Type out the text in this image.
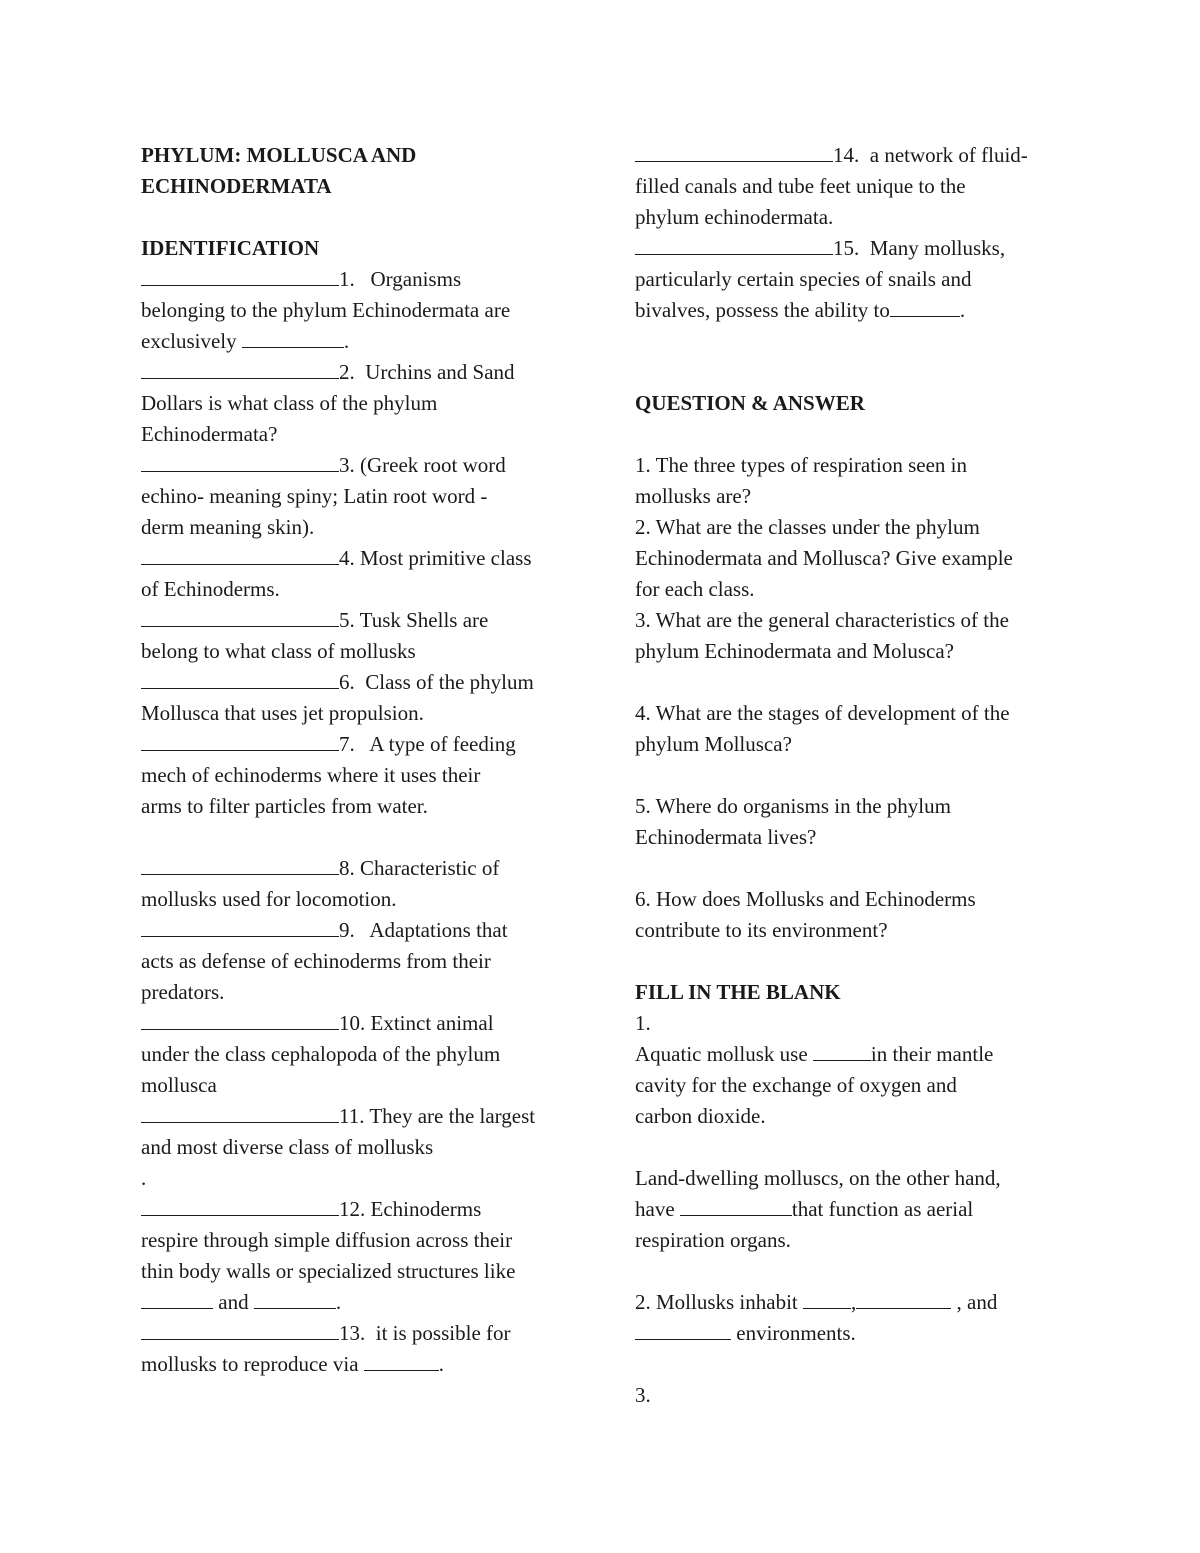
PHYLUM: MOLLUSCA AND
ECHINODERMATA
IDENTIFICATION
1.   Organisms
belonging to the phylum Echinodermata are
exclusively	.
2.  Urchins and Sand
Dollars is what class of the phylum
Echinodermata?
3. (Greek root word
echino- meaning spiny; Latin root word -
derm meaning skin).
4. Most primitive class
of Echinoderms.
5. Tusk Shells are
belong to what class of mollusks
6.  Class of the phylum
Mollusca that uses jet propulsion.
7.   A type of feeding
mech of echinoderms where it uses their
arms to filter particles from water.
8. Characteristic of
mollusks used for locomotion.
9.   Adaptations that
acts as defense of echinoderms from their
predators.
10. Extinct animal
under the class cephalopoda of the phylum
mollusca
11. They are the largest
and most diverse class of mollusks
.
12. Echinoderms
respire through simple diffusion across their
thin body walls or specialized structures like
and	.
13.  it is possible for
mollusks to reproduce via	.
14.  a network of fluid-
filled canals and tube feet unique to the
phylum echinodermata.
15.  Many mollusks,
particularly certain species of snails and
bivalves, possess the ability to	.
QUESTION & ANSWER
1. The three types of respiration seen in
mollusks are?
2. What are the classes under the phylum
Echinodermata and Mollusca? Give example
for each class.
3. What are the general characteristics of the
phylum Echinodermata and Molusca?
4. What are the stages of development of the
phylum Mollusca?
5. Where do organisms in the phylum
Echinodermata lives?
6. How does Mollusks and Echinoderms
contribute to its environment?
FILL IN THE BLANK
1.
Aquatic mollusk use	in their mantle
cavity for the exchange of oxygen and
carbon dioxide.
Land-dwelling molluscs, on the other hand,
have	that function as aerial
respiration organs.
2. Mollusks inhabit ,	, and
environments.
3.
